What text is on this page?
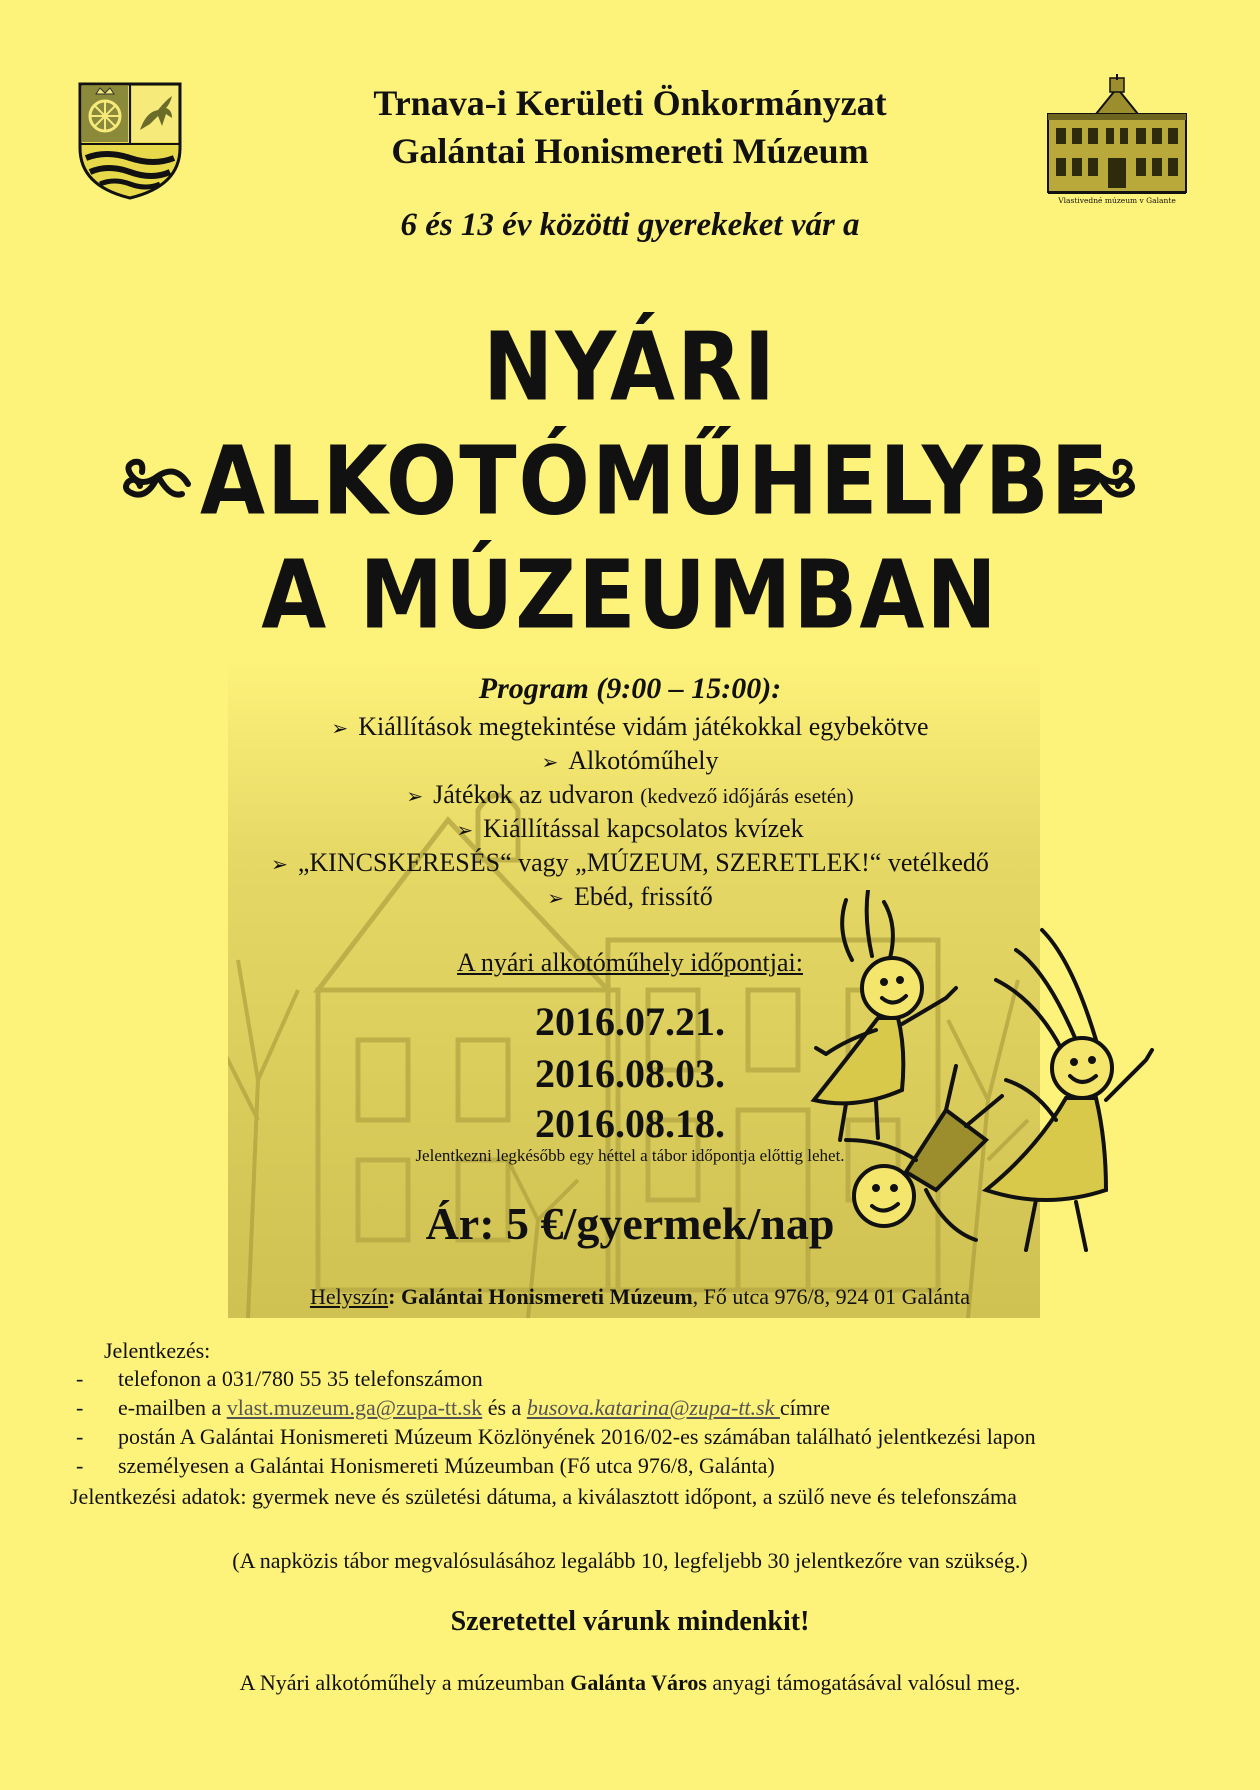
Vlastivedné múzeum v Galante
Trnava-i Kerületi Önkormányzat
Galántai Honismereti Múzeum
6 és 13 év közötti gyerekeket vár a
NYÁRI
ALKOTÓMŰHELYBE
A MÚZEUMBAN
Program (9:00 – 15:00):
➢ Kiállítások megtekintése vidám játékokkal egybekötve
➢ Alkotóműhely
➢ Játékok az udvaron (kedvező időjárás esetén)
➢ Kiállítással kapcsolatos kvízek
➢ „KINCSKERESÉS“ vagy „MÚZEUM, SZERETLEK!“ vetélkedő
➢ Ebéd, frissítő
A nyári alkotóműhely időpontjai:
2016.07.21.
2016.08.03.
2016.08.18.
Jelentkezni legkésőbb egy héttel a tábor időpontja előttig lehet.
Ár: 5 €/gyermek/nap
Helyszín: Galántai Honismereti Múzeum, Fő utca 976/8, 924 01 Galánta
Jelentkezés:
- telefonon a 031/780 55 35 telefonszámon
- e-mailben a vlast.muzeum.ga@zupa-tt.sk és a busova.katarina@zupa-tt.sk címre
- postán A Galántai Honismereti Múzeum Közlönyének 2016/02-es számában található jelentkezési lapon
- személyesen a Galántai Honismereti Múzeumban (Fő utca 976/8, Galánta)
Jelentkezési adatok: gyermek neve és születési dátuma, a kiválasztott időpont, a szülő neve és telefonszáma
(A napközis tábor megvalósulásához legalább 10, legfeljebb 30 jelentkezőre van szükség.)
Szeretettel várunk mindenkit!
A Nyári alkotóműhely a múzeumban Galánta Város anyagi támogatásával valósul meg.
